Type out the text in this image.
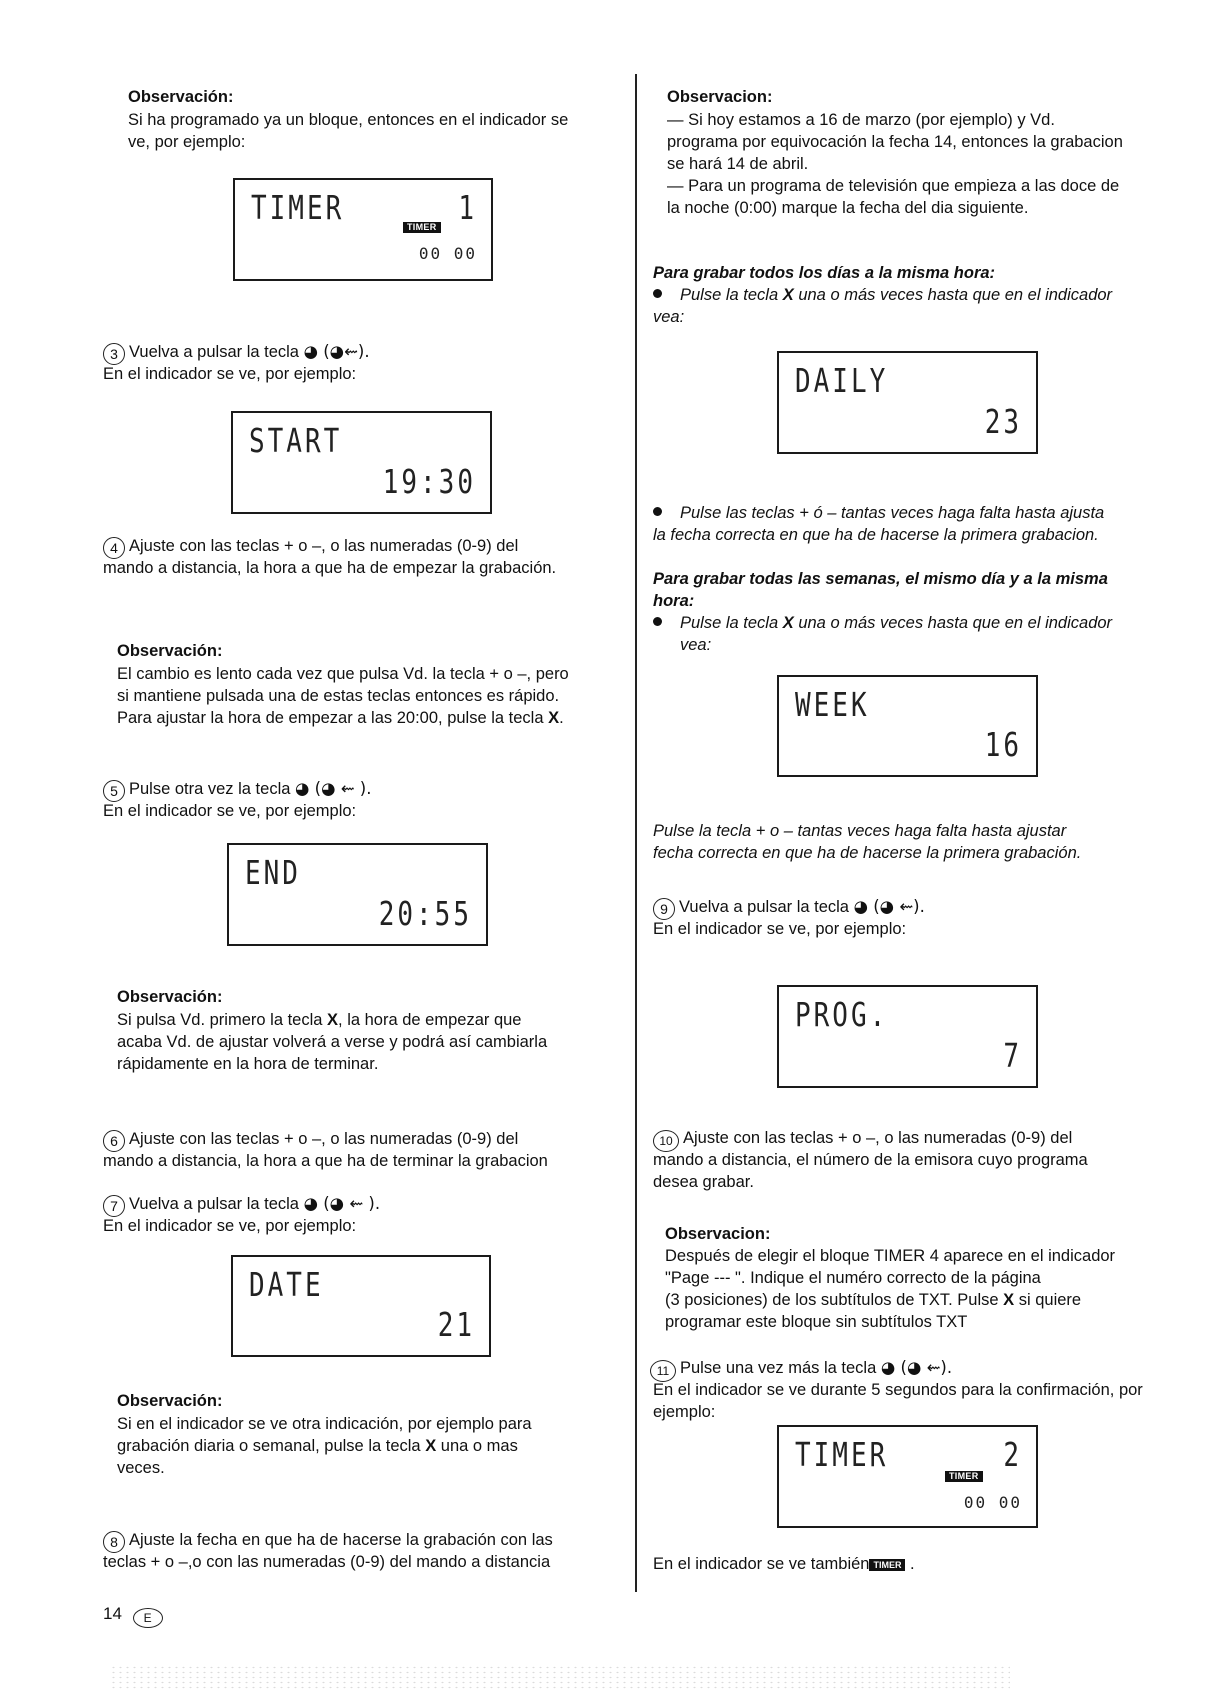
Observación:

Si ha programado ya un bloque, entonces en el indicador se

ve, por ejemplo:

TIMER	1
TIMER
00 00

3 Vuelva a pulsar la tecla ◕ (◕⇜).

En el indicador se ve, por ejemplo:

START
19:30

4 Ajuste con las teclas + o –, o las numeradas (0-9) del

mando a distancia, la hora a que ha de empezar la grabación.

Observación:

El cambio es lento cada vez que pulsa Vd. la tecla + o –, pero

si mantiene pulsada una de estas teclas entonces es rápido.

Para ajustar la hora de empezar a las 20:00, pulse la tecla X.

5 Pulse otra vez la tecla ◕ (◕ ⇜ ).

En el indicador se ve, por ejemplo:

END
20:55

Observación:

Si pulsa Vd. primero la tecla X, la hora de empezar que

acaba Vd. de ajustar volverá a verse y podrá así cambiarla

rápidamente en la hora de terminar.

6 Ajuste con las teclas + o –, o las numeradas (0-9) del

mando a distancia, la hora a que ha de terminar la grabacion

7 Vuelva a pulsar la tecla ◕ (◕ ⇜ ).

En el indicador se ve, por ejemplo:

DATE
21

Observación:

Si en el indicador se ve otra indicación, por ejemplo para

grabación diaria o semanal, pulse la tecla X una o mas

veces.

8 Ajuste la fecha en que ha de hacerse la grabación con las

teclas + o –,o con las numeradas (0-9) del mando a distancia

Observacion:

— Si hoy estamos a 16 de marzo (por ejemplo) y Vd.

programa por equivocación la fecha 14, entonces la grabacion

se hará 14 de abril.

— Para un programa de televisión que empieza a las doce de

la noche (0:00) marque la fecha del dia siguiente.

Para grabar todos los días a la misma hora:

Pulse la tecla X una o más veces hasta que en el indicador

vea:

DAILY
23

Pulse las teclas + ó – tantas veces haga falta hasta ajusta

la fecha correcta en que ha de hacerse la primera grabacion.

Para grabar todas las semanas, el mismo día y a la misma

hora:

Pulse la tecla X una o más veces hasta que en el indicador

vea:

WEEK
16

Pulse la tecla + o – tantas veces haga falta hasta ajustar

fecha correcta en que ha de hacerse la primera grabación.

9 Vuelva a pulsar la tecla ◕ (◕ ⇜).

En el indicador se ve, por ejemplo:

PROG.
7

10 Ajuste con las teclas + o –, o las numeradas (0-9) del

mando a distancia, el número de la emisora cuyo programa

desea grabar.

Observacion:

Después de elegir el bloque TIMER 4 aparece en el indicador

"Page --- ". Indique el numéro correcto de la página

(3 posiciones) de los subtítulos de TXT. Pulse X si quiere

programar este bloque sin subtítulos TXT

11 Pulse una vez más la tecla ◕ (◕ ⇜).

En el indicador se ve durante 5 segundos para la confirmación, por

ejemplo:

TIMER	2
TIMER
00 00

En el indicador se ve también TIMER .

14 E
